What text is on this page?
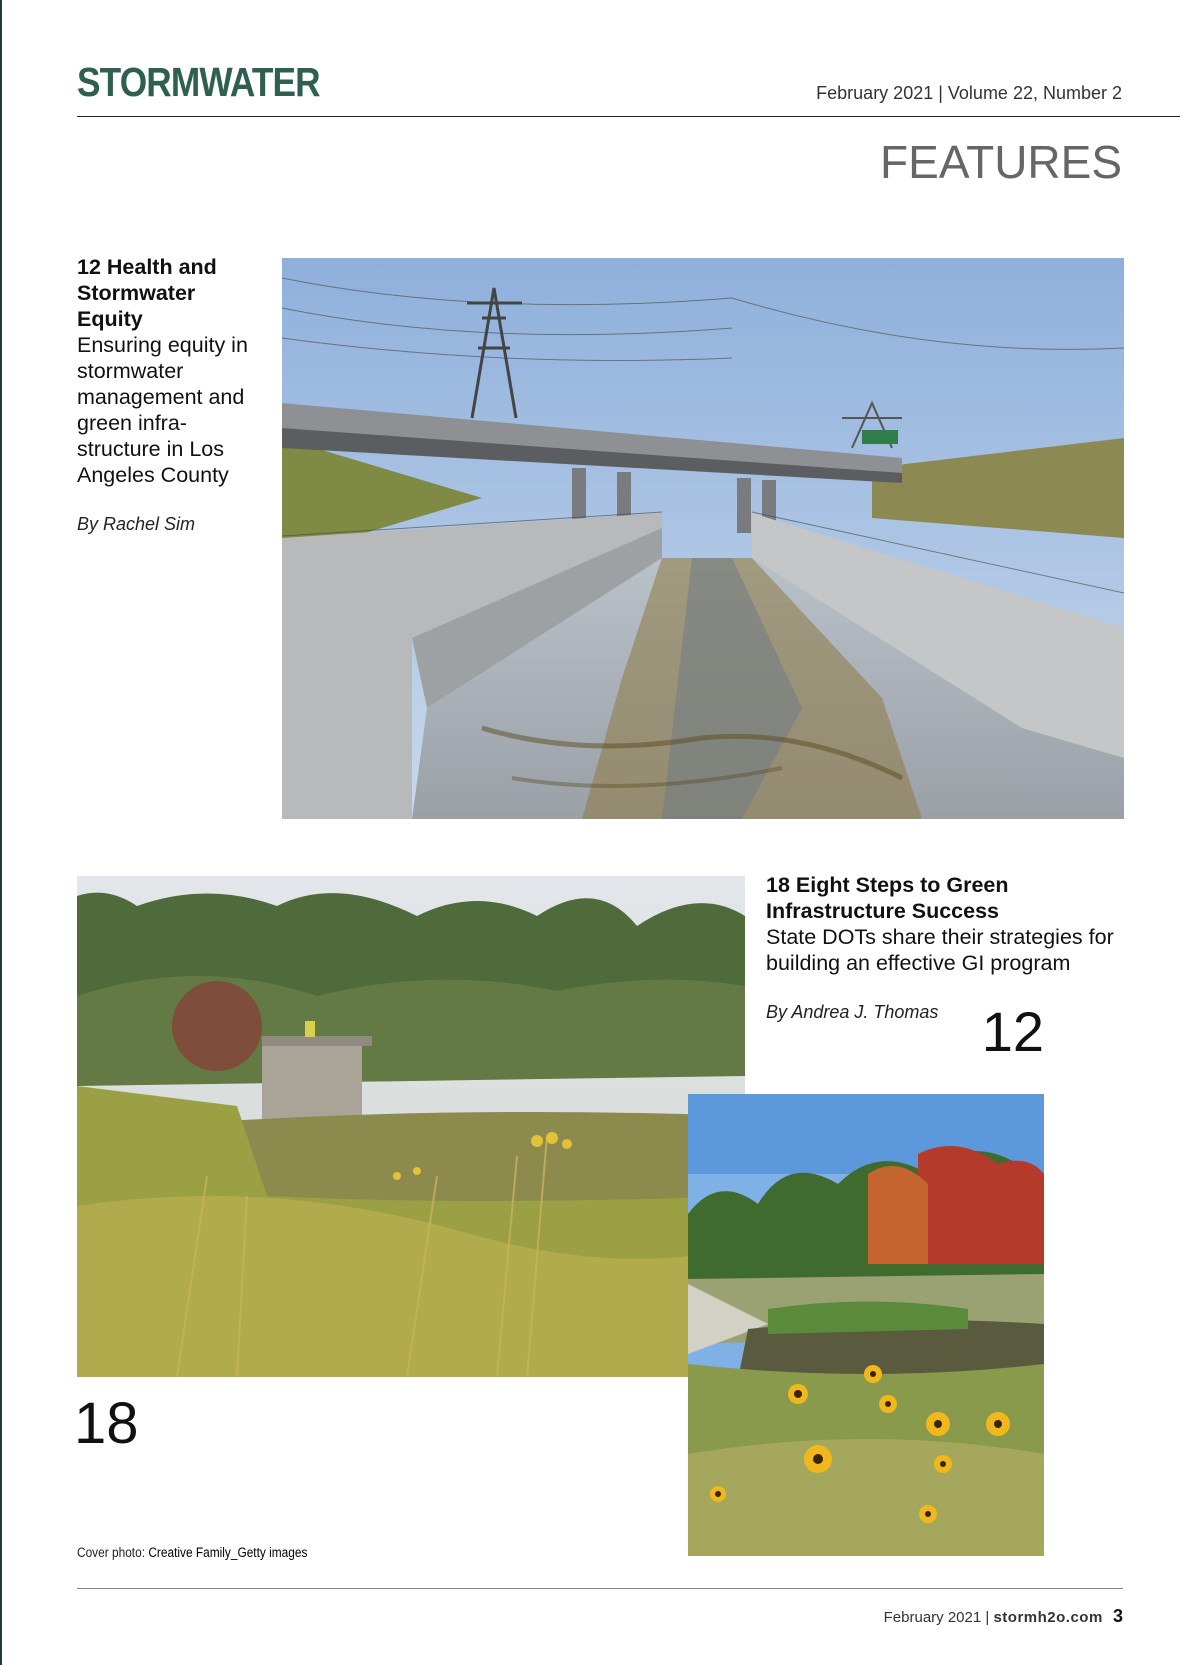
STORMWATER	February 2021 | Volume 22, Number 2
FEATURES
12 Health and Stormwater Equity
Ensuring equity in stormwater management and green infra-structure in Los Angeles County
By Rachel Sim
12
18
18 Eight Steps to Green Infrastructure Success
State DOTs share their strategies for building an effective GI program
By Andrea J. Thomas
Cover photo: Creative Family_Getty images
February 2021 | stormh2o.com 3
